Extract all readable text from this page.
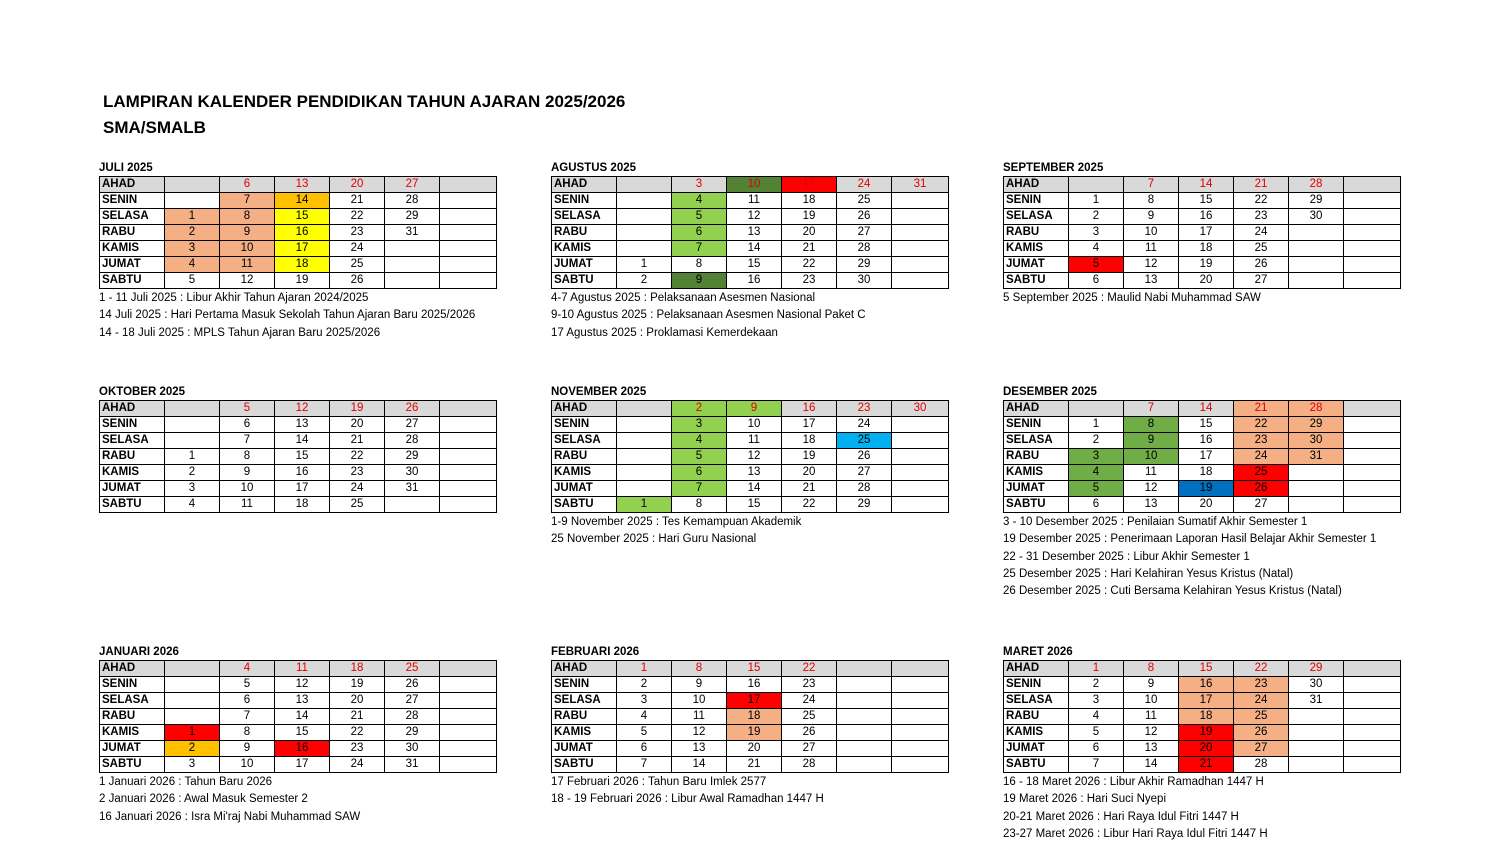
LAMPIRAN KALENDER PENDIDIKAN TAHUN AJARAN 2025/2026
SMA/SMALB
JULI 2025
AHAD		6	13	20	27	
SENIN		7	14	21	28	
SELASA	1	8	15	22	29	
RABU	2	9	16	23	31	
KAMIS	3	10	17	24		
JUMAT	4	11	18	25		
SABTU	5	12	19	26		
1 - 11 Juli 2025 : Libur Akhir Tahun Ajaran 2024/2025
14 Juli 2025 : Hari Pertama Masuk Sekolah Tahun Ajaran Baru 2025/2026
14 - 18 Juli 2025 : MPLS Tahun Ajaran Baru 2025/2026
AGUSTUS 2025
AHAD		3	10	17	24	31
SENIN		4	11	18	25	
SELASA		5	12	19	26	
RABU		6	13	20	27	
KAMIS		7	14	21	28	
JUMAT	1	8	15	22	29	
SABTU	2	9	16	23	30	
4-7 Agustus 2025 : Pelaksanaan Asesmen Nasional
9-10 Agustus 2025 : Pelaksanaan Asesmen Nasional Paket C
17 Agustus 2025 : Proklamasi Kemerdekaan
SEPTEMBER 2025
AHAD		7	14	21	28	
SENIN	1	8	15	22	29	
SELASA	2	9	16	23	30	
RABU	3	10	17	24		
KAMIS	4	11	18	25		
JUMAT	5	12	19	26		
SABTU	6	13	20	27		
5 September 2025 : Maulid Nabi Muhammad SAW
OKTOBER 2025
AHAD		5	12	19	26	
SENIN		6	13	20	27	
SELASA		7	14	21	28	
RABU	1	8	15	22	29	
KAMIS	2	9	16	23	30	
JUMAT	3	10	17	24	31	
SABTU	4	11	18	25		
NOVEMBER 2025
AHAD		2	9	16	23	30
SENIN		3	10	17	24	
SELASA		4	11	18	25	
RABU		5	12	19	26	
KAMIS		6	13	20	27	
JUMAT		7	14	21	28	
SABTU	1	8	15	22	29	
1-9 November 2025 : Tes Kemampuan Akademik
25 November 2025 : Hari Guru Nasional
DESEMBER 2025
AHAD		7	14	21	28	
SENIN	1	8	15	22	29	
SELASA	2	9	16	23	30	
RABU	3	10	17	24	31	
KAMIS	4	11	18	25		
JUMAT	5	12	19	26		
SABTU	6	13	20	27		
3 - 10 Desember 2025 : Penilaian Sumatif Akhir Semester 1
19 Desember 2025 : Penerimaan Laporan Hasil Belajar Akhir Semester 1
22 - 31 Desember 2025 : Libur Akhir Semester 1
25 Desember 2025 : Hari Kelahiran Yesus Kristus (Natal)
26 Desember 2025 : Cuti Bersama Kelahiran Yesus Kristus (Natal)
JANUARI 2026
AHAD		4	11	18	25	
SENIN		5	12	19	26	
SELASA		6	13	20	27	
RABU		7	14	21	28	
KAMIS	1	8	15	22	29	
JUMAT	2	9	16	23	30	
SABTU	3	10	17	24	31	
1 Januari 2026 : Tahun Baru 2026
2 Januari 2026 : Awal Masuk Semester 2
16 Januari 2026 : Isra Mi'raj Nabi Muhammad SAW
FEBRUARI 2026
AHAD	1	8	15	22		
SENIN	2	9	16	23		
SELASA	3	10	17	24		
RABU	4	11	18	25		
KAMIS	5	12	19	26		
JUMAT	6	13	20	27		
SABTU	7	14	21	28		
17 Februari 2026 : Tahun Baru Imlek 2577
18 - 19 Februari 2026 : Libur Awal Ramadhan 1447 H
MARET 2026
AHAD	1	8	15	22	29	
SENIN	2	9	16	23	30	
SELASA	3	10	17	24	31	
RABU	4	11	18	25		
KAMIS	5	12	19	26		
JUMAT	6	13	20	27		
SABTU	7	14	21	28		
16 - 18 Maret 2026 : Libur Akhir Ramadhan 1447 H
19 Maret 2026 : Hari Suci Nyepi
20-21 Maret 2026 : Hari Raya Idul Fitri 1447 H
23-27 Maret 2026 : Libur Hari Raya Idul Fitri 1447 H
